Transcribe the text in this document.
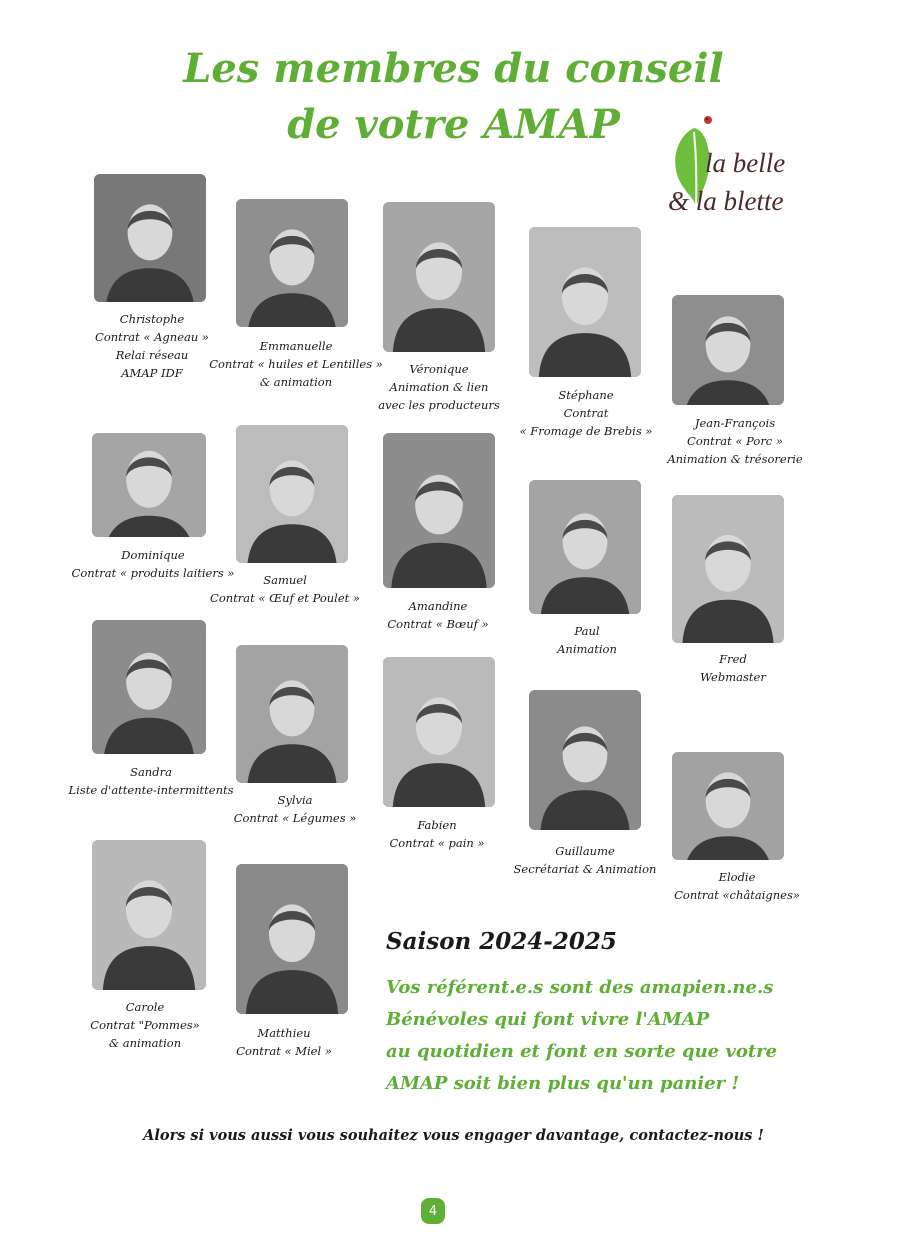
Les membres du conseil
de votre AMAP
la belle
& la blette
Christophe
Contrat « Agneau »
Relai réseau
AMAP IDF
Emmanuelle
Contrat « huiles et Lentilles »
& animation
Véronique
Animation & lien
avec les producteurs
Stéphane
Contrat
« Fromage de Brebis »
Jean-François
Contrat « Porc »
Animation & trésorerie
Dominique
Contrat « produits laitiers »	Samuel
Contrat « Œuf et Poulet »
Amandine
Contrat « Bœuf »	Paul
Animation
Fred
Webmaster
Sandra
Liste d'attente-intermittents
Sylvia
Contrat « Légumes »	Fabien
Contrat « pain »
Guillaume
Secrétariat & Animation
Elodie
Contrat «châtaignes»
Carole
Contrat "Pommes»
& animation
Matthieu
Contrat « Miel »
Saison 2024-2025
Vos référent.e.s sont des amapien.ne.s
Bénévoles qui font vivre l'AMAP
au quotidien et font en sorte que votre
AMAP soit bien plus qu'un panier !
Alors si vous aussi vous souhaitez vous engager davantage, contactez-nous !
4
